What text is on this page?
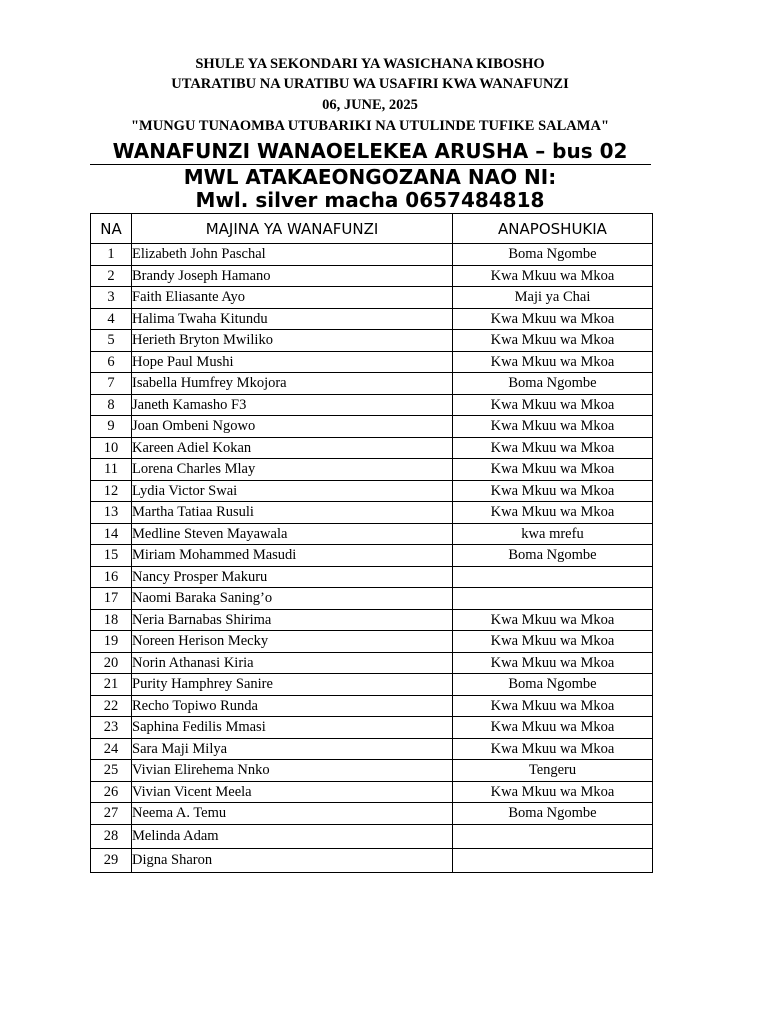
SHULE YA SEKONDARI YA WASICHANA KIBOSHO
UTARATIBU NA URATIBU WA USAFIRI KWA WANAFUNZI
06, JUNE, 2025
"MUNGU TUNAOMBA UTUBARIKI NA UTULINDE TUFIKE SALAMA"
WANAFUNZI WANAOELEKEA ARUSHA – bus 02
MWL ATAKAEONGOZANA NAO NI:
Mwl. silver macha 0657484818
NA	MAJINA YA WANAFUNZI	ANAPOSHUKIA
1	Elizabeth John Paschal	Boma Ngombe
2	Brandy Joseph Hamano	Kwa Mkuu wa Mkoa
3	Faith Eliasante Ayo	Maji ya Chai
4	Halima Twaha Kitundu	Kwa Mkuu wa Mkoa
5	Herieth Bryton Mwiliko	Kwa Mkuu wa Mkoa
6	Hope Paul Mushi	Kwa Mkuu wa Mkoa
7	Isabella Humfrey Mkojora	Boma Ngombe
8	Janeth Kamasho F3	Kwa Mkuu wa Mkoa
9	Joan Ombeni Ngowo	Kwa Mkuu wa Mkoa
10	Kareen Adiel Kokan	Kwa Mkuu wa Mkoa
11	Lorena Charles Mlay	Kwa Mkuu wa Mkoa
12	Lydia Victor Swai	Kwa Mkuu wa Mkoa
13	Martha Tatiaa Rusuli	Kwa Mkuu wa Mkoa
14	Medline Steven Mayawala	kwa mrefu
15	Miriam Mohammed Masudi	Boma Ngombe
16	Nancy Prosper Makuru	
17	Naomi Baraka Saning’o	
18	Neria Barnabas Shirima	Kwa Mkuu wa Mkoa
19	Noreen Herison Mecky	Kwa Mkuu wa Mkoa
20	Norin Athanasi Kiria	Kwa Mkuu wa Mkoa
21	Purity Hamphrey Sanire	Boma Ngombe
22	Recho Topiwo Runda	Kwa Mkuu wa Mkoa
23	Saphina Fedilis Mmasi	Kwa Mkuu wa Mkoa
24	Sara Maji Milya	Kwa Mkuu wa Mkoa
25	Vivian Elirehema Nnko	Tengeru
26	Vivian Vicent Meela	Kwa Mkuu wa Mkoa
27	Neema A. Temu	Boma Ngombe
28	Melinda Adam	
29	Digna Sharon	
